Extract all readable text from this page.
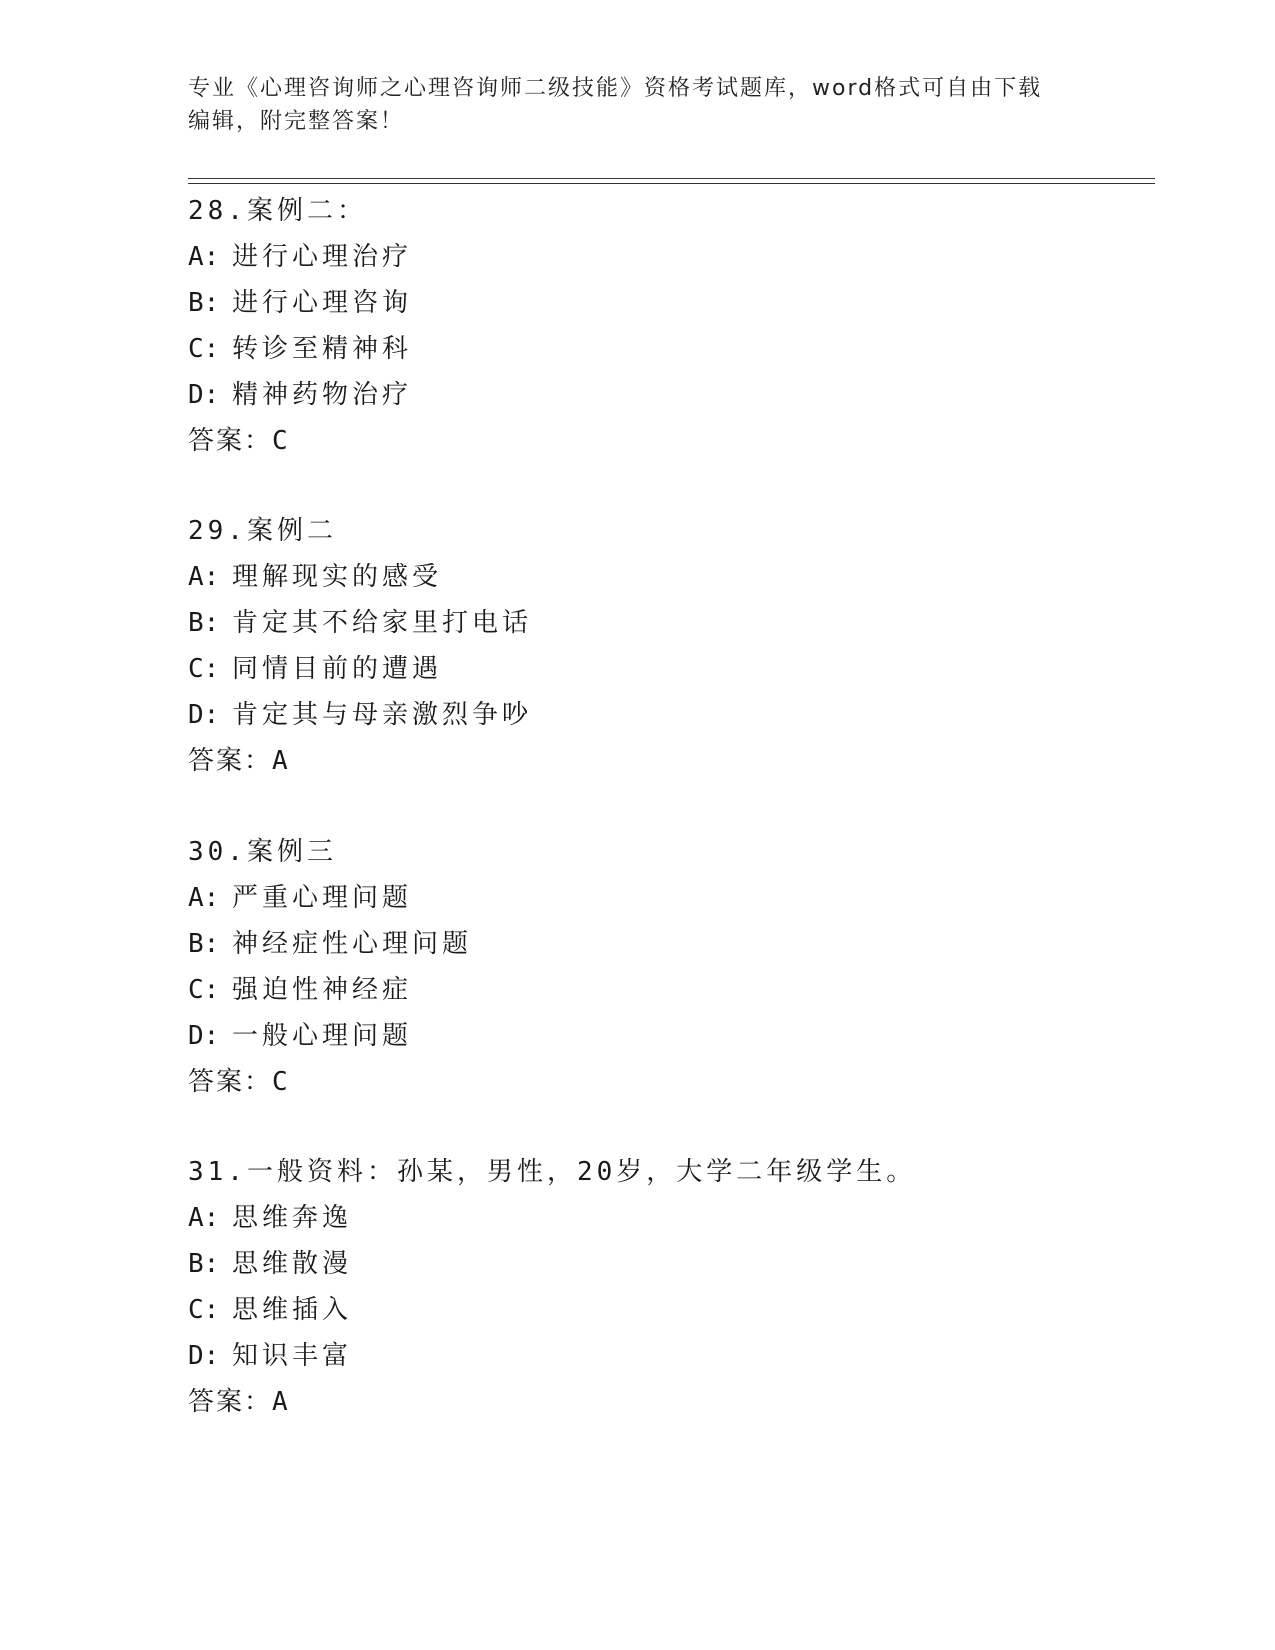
专业《心理咨询师之心理咨询师二级技能》资格考试题库，word格式可自由下载
编辑，附完整答案！
28.案例二：
A: 进行心理治疗
B: 进行心理咨询
C: 转诊至精神科
D: 精神药物治疗
答案：C
29.案例二
A: 理解现实的感受
B: 肯定其不给家里打电话
C: 同情目前的遭遇
D: 肯定其与母亲激烈争吵
答案：A
30.案例三
A: 严重心理问题
B: 神经症性心理问题
C: 强迫性神经症
D: 一般心理问题
答案：C
31.一般资料：孙某，男性，20岁，大学二年级学生。
A: 思维奔逸
B: 思维散漫
C: 思维插入
D: 知识丰富
答案：A
